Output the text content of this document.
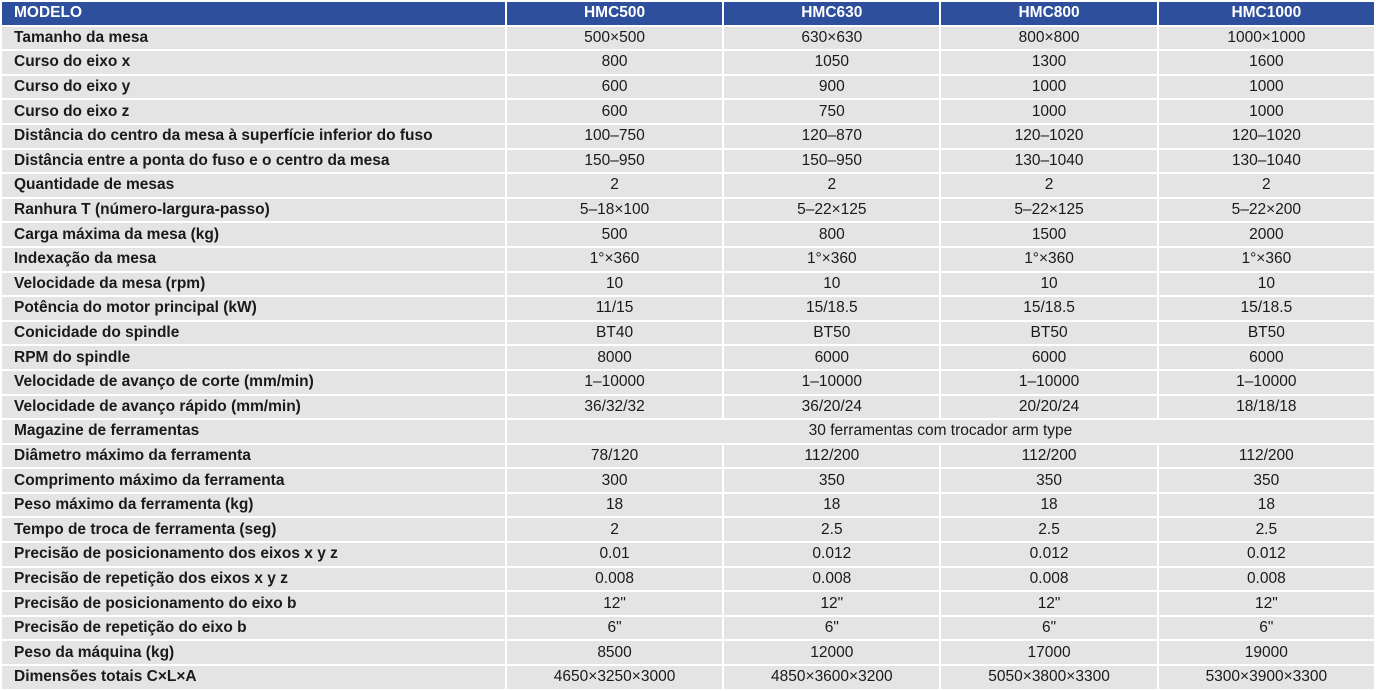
MODELO	HMC500	HMC630	HMC800	HMC1000
Tamanho da mesa	500×500	630×630	800×800	1000×1000
Curso do eixo x	800	1050	1300	1600
Curso do eixo y	600	900	1000	1000
Curso do eixo z	600	750	1000	1000
Distância do centro da mesa à superfície inferior do fuso	100–750	120–870	120–1020	120–1020
Distância entre a ponta do fuso e o centro da mesa	150–950	150–950	130–1040	130–1040
Quantidade de mesas	2	2	2	2
Ranhura T (número-largura-passo)	5–18×100	5–22×125	5–22×125	5–22×200
Carga máxima da mesa (kg)	500	800	1500	2000
Indexação da mesa	1°×360	1°×360	1°×360	1°×360
Velocidade da mesa (rpm)	10	10	10	10
Potência do motor principal (kW)	11/15	15/18.5	15/18.5	15/18.5
Conicidade do spindle	BT40	BT50	BT50	BT50
RPM do spindle	8000	6000	6000	6000
Velocidade de avanço de corte (mm/min)	1–10000	1–10000	1–10000	1–10000
Velocidade de avanço rápido (mm/min)	36/32/32	36/20/24	20/20/24	18/18/18
Magazine de ferramentas	30 ferramentas com trocador arm type			
Diâmetro máximo da ferramenta	78/120	112/200	112/200	112/200
Comprimento máximo da ferramenta	300	350	350	350
Peso máximo da ferramenta (kg)	18	18	18	18
Tempo de troca de ferramenta (seg)	2	2.5	2.5	2.5
Precisão de posicionamento dos eixos x y z	0.01	0.012	0.012	0.012
Precisão de repetição dos eixos x y z	0.008	0.008	0.008	0.008
Precisão de posicionamento do eixo b	12"	12"	12"	12"
Precisão de repetição do eixo b	6"	6"	6"	6"
Peso da máquina (kg)	8500	12000	17000	19000
Dimensões totais C×L×A	4650×3250×3000	4850×3600×3200	5050×3800×3300	5300×3900×3300
